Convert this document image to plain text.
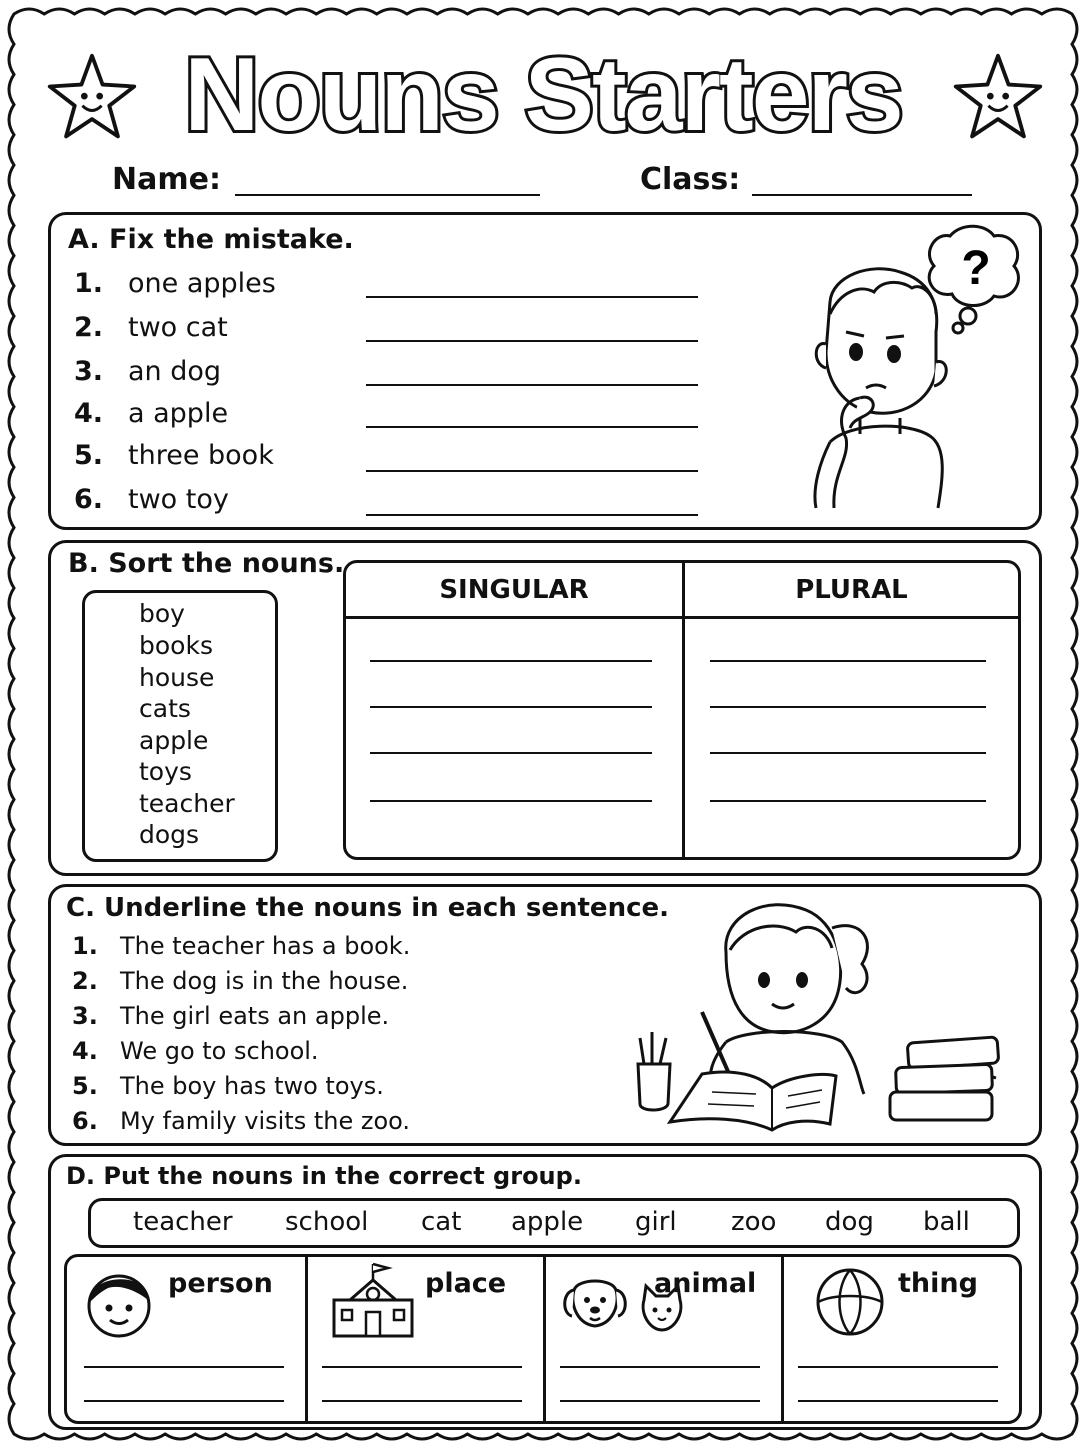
Nouns Starters
Name:	Class:
A. Fix the mistake.
1. one apples
2. two cat
3. an dog
4. a apple
5. three book
6. two toy
?
B. Sort the nouns.
boy
books
house
cats
apple
toys
teacher
dogs
SINGULAR	PLURAL
C. Underline the nouns in each sentence.
1. The teacher has a book.
2. The dog is in the house.
3. The girl eats an apple.
4. We go to school.
5. The boy has two toys.
6. My family visits the zoo.
D. Put the nouns in the correct group.
teacher school cat apple girl zoo dog ball
person	place	animal	thing
